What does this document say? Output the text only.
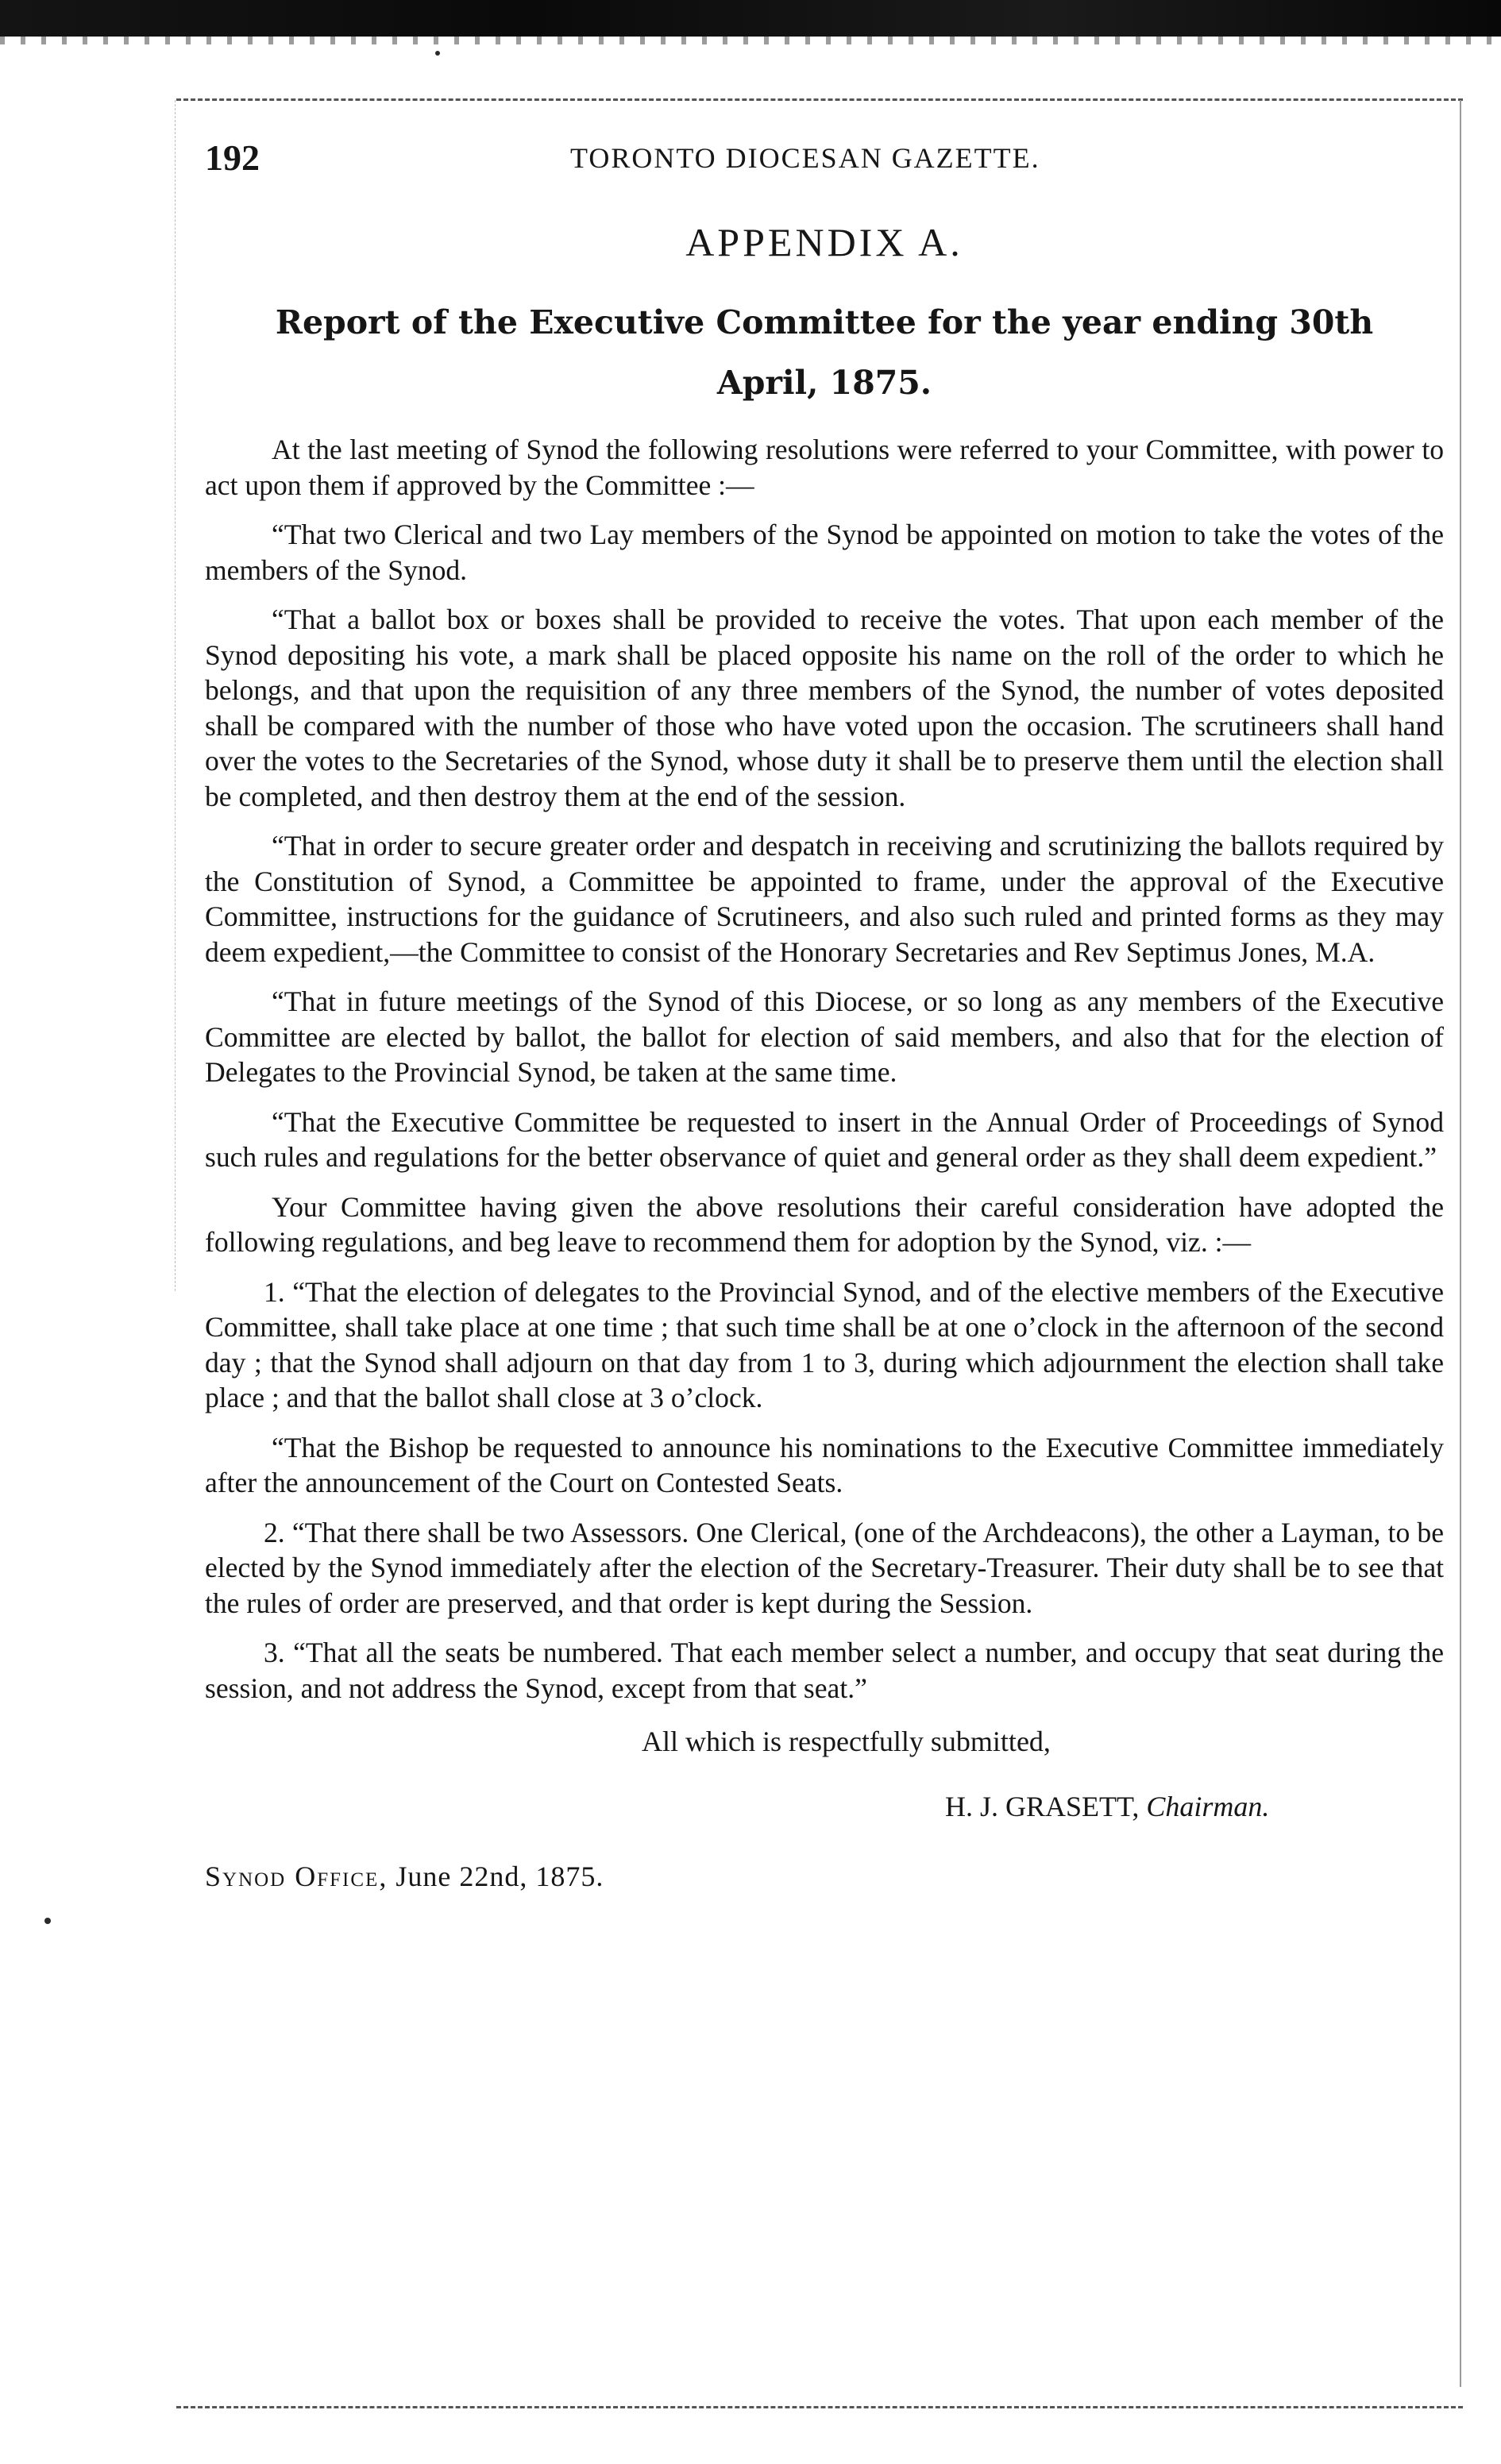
192	TORONTO DIOCESAN GAZETTE.
APPENDIX A.
Report of the Executive Committee for the year ending 30th
April, 1875.

At the last meeting of Synod the following resolutions were referred to your Committee, with power to act upon them if approved by the Committee :—

“That two Clerical and two Lay members of the Synod be appointed on motion to take the votes of the members of the Synod.

“That a ballot box or boxes shall be provided to receive the votes. That upon each member of the Synod depositing his vote, a mark shall be placed opposite his name on the roll of the order to which he belongs, and that upon the requisition of any three members of the Synod, the number of votes deposited shall be compared with the number of those who have voted upon the occasion. The scrutineers shall hand over the votes to the Secretaries of the Synod, whose duty it shall be to preserve them until the election shall be completed, and then destroy them at the end of the session.

“That in order to secure greater order and despatch in receiving and scrutinizing the ballots required by the Constitution of Synod, a Committee be appointed to frame, under the approval of the Executive Committee, instructions for the guidance of Scrutineers, and also such ruled and printed forms as they may deem expedient,—the Committee to consist of the Honorary Secretaries and Rev Septimus Jones, M.A.

“That in future meetings of the Synod of this Diocese, or so long as any members of the Executive Committee are elected by ballot, the ballot for election of said members, and also that for the election of Delegates to the Provincial Synod, be taken at the same time.

“That the Executive Committee be requested to insert in the Annual Order of Proceedings of Synod such rules and regulations for the better observance of quiet and general order as they shall deem expedient.”

Your Committee having given the above resolutions their careful consideration have adopted the following regulations, and beg leave to recommend them for adoption by the Synod, viz. :—

1. “That the election of delegates to the Provincial Synod, and of the elective members of the Executive Committee, shall take place at one time ; that such time shall be at one o’clock in the afternoon of the second day ; that the Synod shall adjourn on that day from 1 to 3, during which adjournment the election shall take place ; and that the ballot shall close at 3 o’clock.

“That the Bishop be requested to announce his nominations to the Executive Committee immediately after the announcement of the Court on Contested Seats.

2. “That there shall be two Assessors. One Clerical, (one of the Archdeacons), the other a Layman, to be elected by the Synod immediately after the election of the Secretary-Treasurer. Their duty shall be to see that the rules of order are preserved, and that order is kept during the Session.

3. “That all the seats be numbered. That each member select a number, and occupy that seat during the session, and not address the Synod, except from that seat.”

All which is respectfully submitted,
H. J. GRASETT, Chairman.
Synod Office, June 22nd, 1875.
